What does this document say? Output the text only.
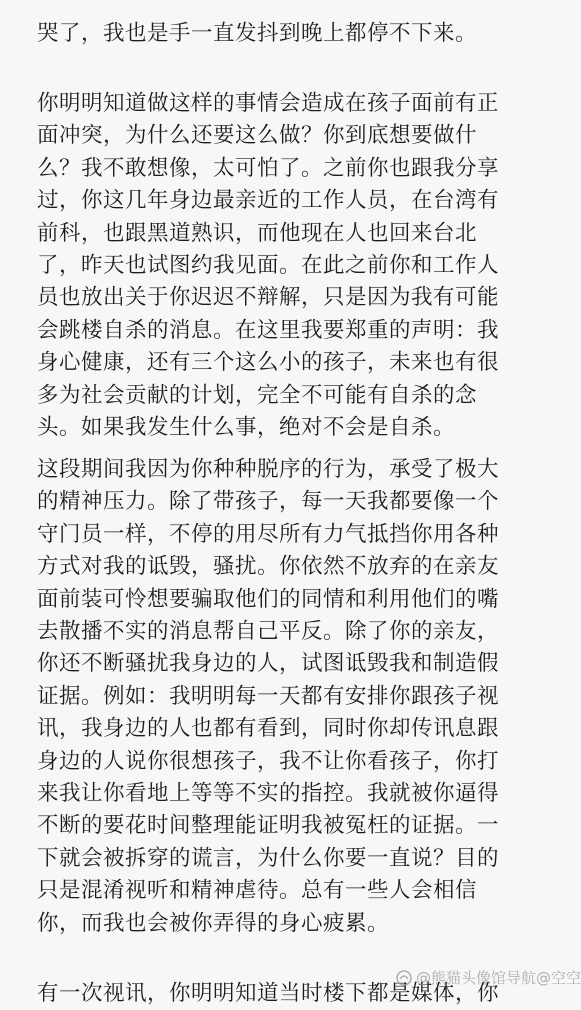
哭了，我也是手一直发抖到晚上都停不下来。
你明明知道做这样的事情会造成在孩子面前有正
面冲突，为什么还要这么做？你到底想要做什
么？我不敢想像，太可怕了。之前你也跟我分享
过，你这几年身边最亲近的工作人员，在台湾有
前科，也跟黑道熟识，而他现在人也回来台北
了，昨天也试图约我见面。在此之前你和工作人
员也放出关于你迟迟不辩解，只是因为我有可能
会跳楼自杀的消息。在这里我要郑重的声明：我
身心健康，还有三个这么小的孩子，未来也有很
多为社会贡献的计划，完全不可能有自杀的念
头。如果我发生什么事，绝对不会是自杀。
这段期间我因为你种种脱序的行为，承受了极大
的精神压力。除了带孩子，每一天我都要像一个
守门员一样，不停的用尽所有力气抵挡你用各种
方式对我的诋毁，骚扰。你依然不放弃的在亲友
面前装可怜想要骗取他们的同情和利用他们的嘴
去散播不实的消息帮自己平反。除了你的亲友，
你还不断骚扰我身边的人，试图诋毁我和制造假
证据。例如：我明明每一天都有安排你跟孩子视
讯，我身边的人也都有看到，同时你却传讯息跟
身边的人说你很想孩子，我不让你看孩子，你打
来我让你看地上等等不实的指控。我就被你逼得
不断的要花时间整理能证明我被冤枉的证据。一
下就会被拆穿的谎言，为什么你要一直说？目的
只是混淆视听和精神虐待。总有一些人会相信
你，而我也会被你弄得的身心疲累。
有一次视讯，你明明知道当时楼下都是媒体，你
@熊猫头像馆导航@空空
